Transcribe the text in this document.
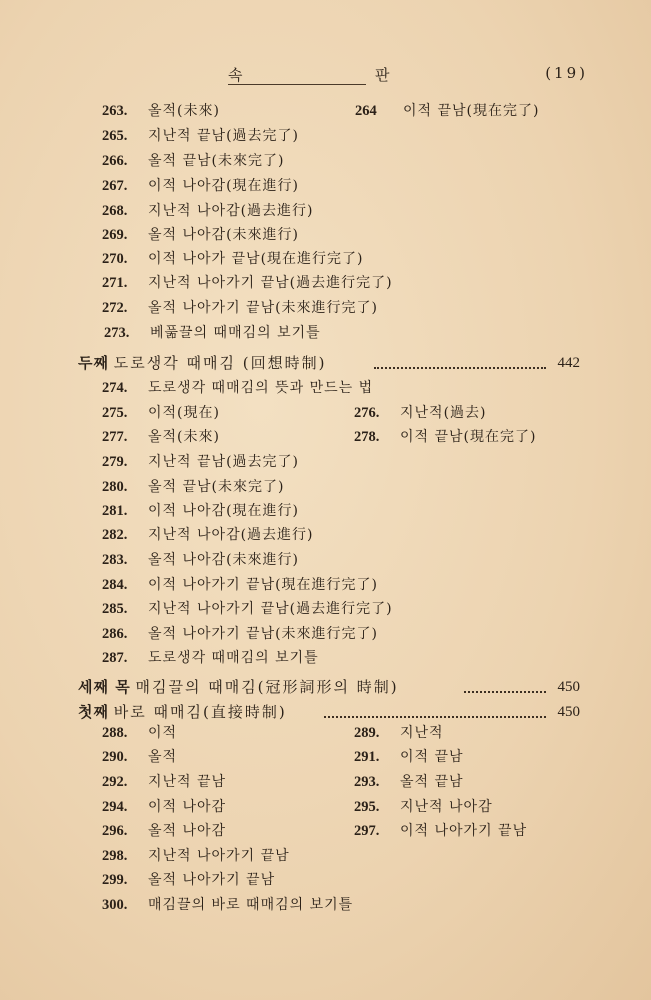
속	판	(19)
263. 올적(未來)	264 이적 끝남(現在完了)
265. 지난적 끝남(過去完了)
266. 올적 끝남(未來完了)
267. 이적 나아감(現在進行)
268. 지난적 나아감(過去進行)
269. 올적 나아감(未來進行)
270. 이적 나아가 끝남(現在進行完了)
271. 지난적 나아가기 끝남(過去進行完了)
272. 올적 나아가기 끝남(未來進行完了)
273. 베풂끌의 때매김의 보기틀
두째 도로생각 때매김 (回想時制)	442
274. 도로생각 때매김의 뜻과 만드는 법
275. 이적(現在)	276. 지난적(過去)
277. 올적(未來)	278. 이적 끝남(現在完了)
279. 지난적 끝남(過去完了)
280. 올적 끝남(未來完了)
281. 이적 나아감(現在進行)
282. 지난적 나아감(過去進行)
283. 올적 나아감(未來進行)
284. 이적 나아가기 끝남(現在進行完了)
285. 지난적 나아가기 끝남(過去進行完了)
286. 올적 나아가기 끝남(未來進行完了)
287. 도로생각 때매김의 보기틀
세째 목 매김끌의 때매김(冠形詞形의 時制)	450
첫째 바로 때매김(直接時制)	450
288. 이적	289. 지난적
290. 올적	291. 이적 끝남
292. 지난적 끝남	293. 올적 끝남
294. 이적 나아감	295. 지난적 나아감
296. 올적 나아감	297. 이적 나아가기 끝남
298. 지난적 나아가기 끝남
299. 올적 나아가기 끝남
300. 매김끌의 바로 때매김의 보기틀
